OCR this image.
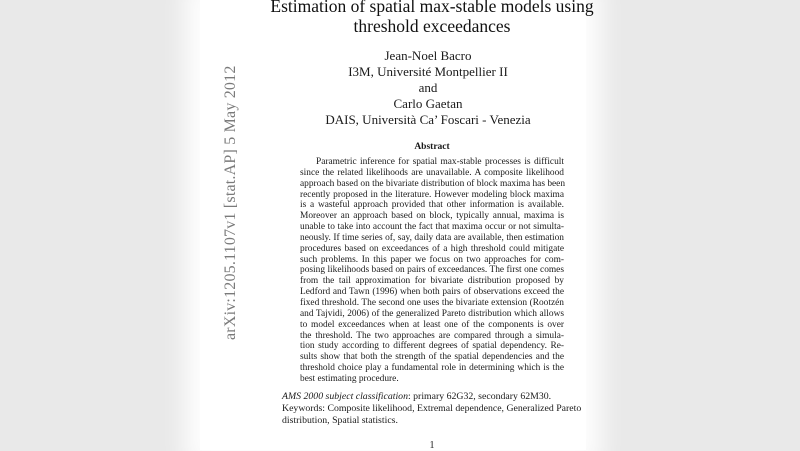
arXiv:1205.1107v1 [stat.AP] 5 May 2012
Estimation of spatial max-stable models using
threshold exceedances
Jean-Noel Bacro
I3M, Université Montpellier II
and
Carlo Gaetan
DAIS, Università Ca’ Foscari - Venezia
Abstract
Parametric inference for spatial max-stable processes is difficult
since the related likelihoods are unavailable. A composite likelihood
approach based on the bivariate distribution of block maxima has been
recently proposed in the literature. However modeling block maxima
is a wasteful approach provided that other information is available.
Moreover an approach based on block, typically annual, maxima is
unable to take into account the fact that maxima occur or not simulta-
neously. If time series of, say, daily data are available, then estimation
procedures based on exceedances of a high threshold could mitigate
such problems. In this paper we focus on two approaches for com-
posing likelihoods based on pairs of exceedances. The first one comes
from the tail approximation for bivariate distribution proposed by
Ledford and Tawn (1996) when both pairs of observations exceed the
fixed threshold. The second one uses the bivariate extension (Rootzén
and Tajvidi, 2006) of the generalized Pareto distribution which allows
to model exceedances when at least one of the components is over
the threshold. The two approaches are compared through a simula-
tion study according to different degrees of spatial dependency. Re-
sults show that both the strength of the spatial dependencies and the
threshold choice play a fundamental role in determining which is the
best estimating procedure.
AMS 2000 subject classification: primary 62G32, secondary 62M30.
Keywords: Composite likelihood, Extremal dependence, Generalized Pareto
distribution, Spatial statistics.
1
